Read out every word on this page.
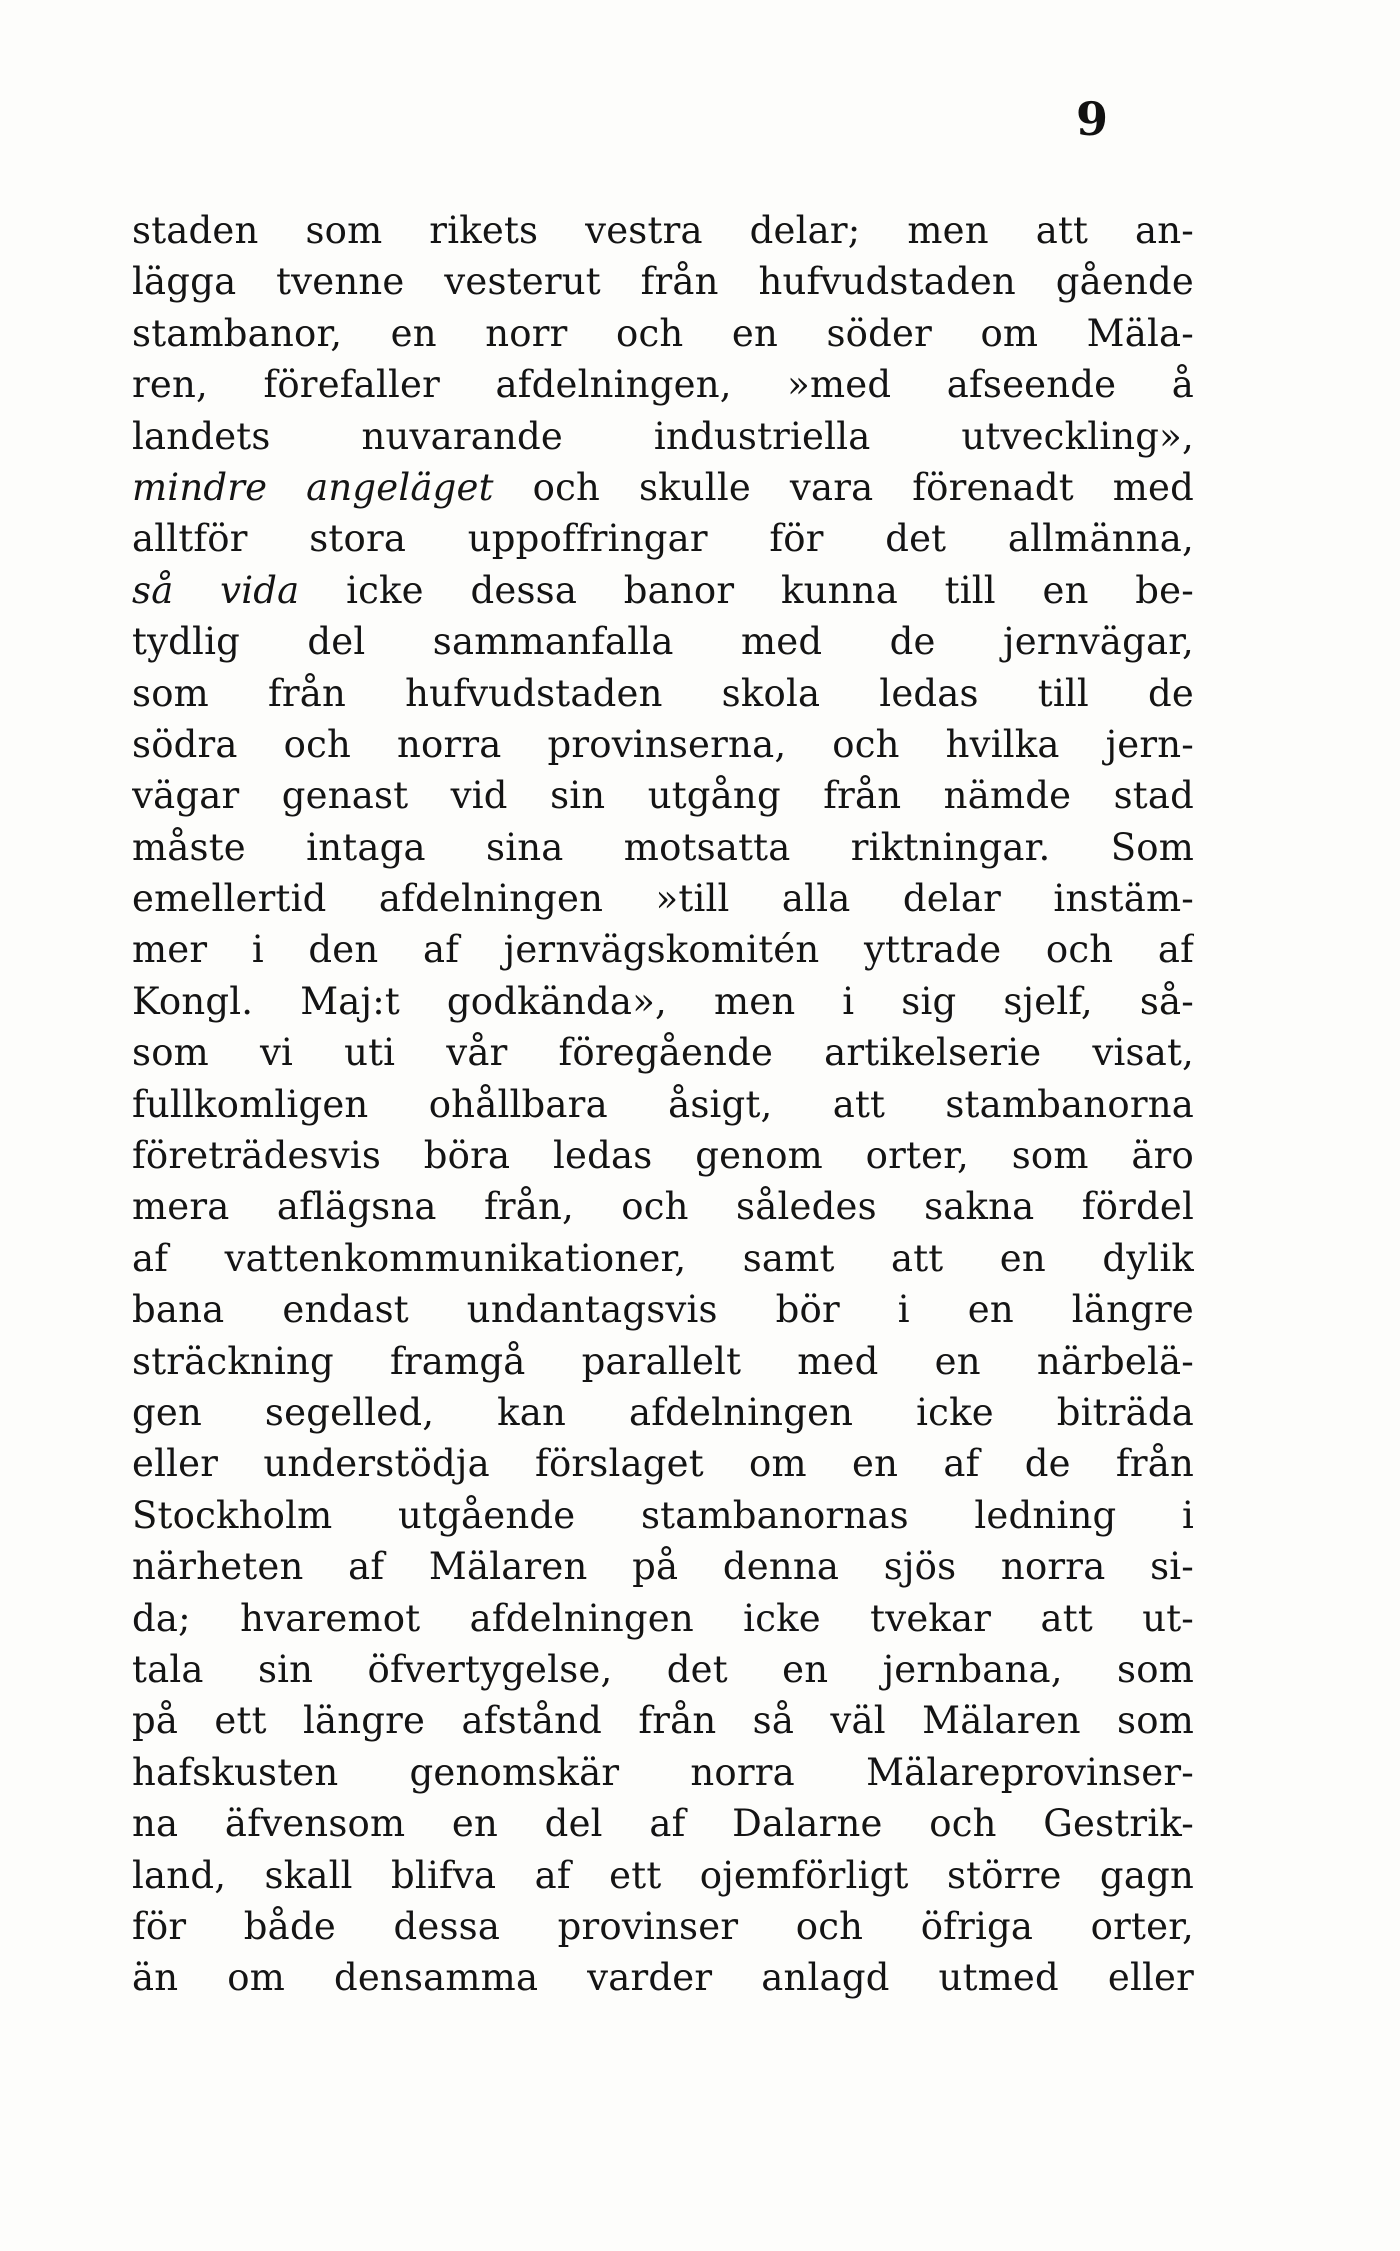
9
staden som rikets vestra delar; men att an-
lägga tvenne vesterut från hufvudstaden gående
stambanor, en norr och en söder om Mäla-
ren, förefaller afdelningen, »med afseende å
landets nuvarande industriella utveckling»,
mindre angeläget och skulle vara förenadt med
alltför stora uppoffringar för det allmänna,
så vida icke dessa banor kunna till en be-
tydlig del sammanfalla med de jernvägar,
som från hufvudstaden skola ledas till de
södra och norra provinserna, och hvilka jern-
vägar genast vid sin utgång från nämde stad
måste intaga sina motsatta riktningar. Som
emellertid afdelningen »till alla delar instäm-
mer i den af jernvägskomitén yttrade och af
Kongl. Maj:t godkända», men i sig sjelf, så-
som vi uti vår föregående artikelserie visat,
fullkomligen ohållbara åsigt, att stambanorna
företrädesvis böra ledas genom orter, som äro
mera aflägsna från, och således sakna fördel
af vattenkommunikationer, samt att en dylik
bana endast undantagsvis bör i en längre
sträckning framgå parallelt med en närbelä-
gen segelled, kan afdelningen icke biträda
eller understödja förslaget om en af de från
Stockholm utgående stambanornas ledning i
närheten af Mälaren på denna sjös norra si-
da; hvaremot afdelningen icke tvekar att ut-
tala sin öfvertygelse, det en jernbana, som
på ett längre afstånd från så väl Mälaren som
hafskusten genomskär norra Mälareprovinser-
na äfvensom en del af Dalarne och Gestrik-
land, skall blifva af ett ojemförligt större gagn
för både dessa provinser och öfriga orter,
än om densamma varder anlagd utmed eller
